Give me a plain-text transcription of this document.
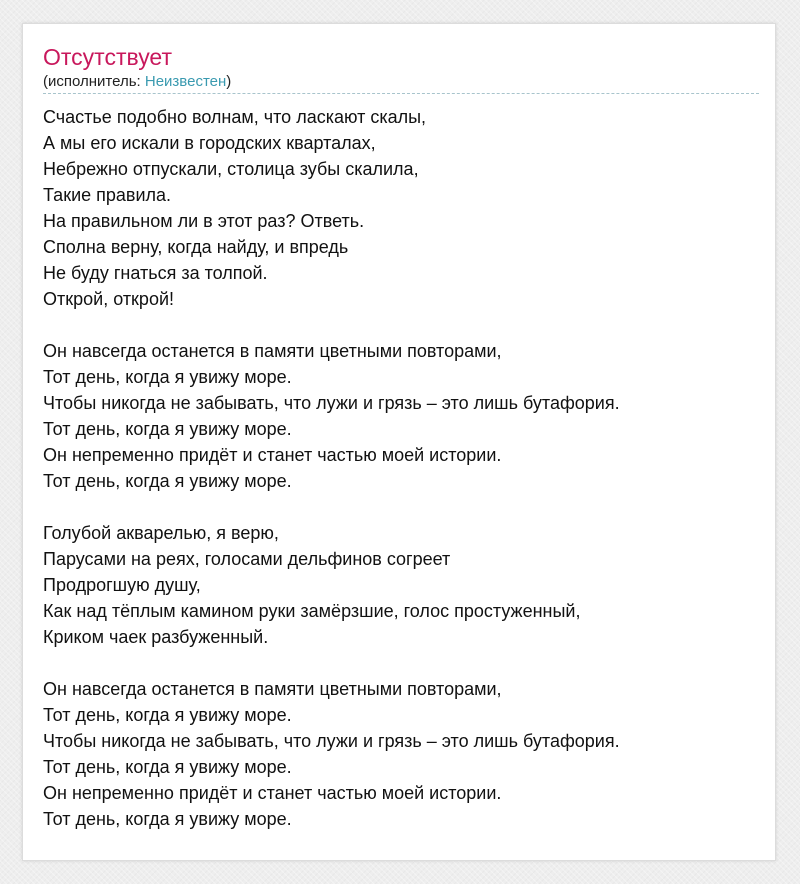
Отсутствует
(исполнитель: Неизвестен)
Счастье подобно волнам, что ласкают скалы,
А мы его искали в городских кварталах,
Небрежно отпускали, столица зубы скалила,
Такие правила.
На правильном ли в этот раз? Ответь.
Сполна верну, когда найду, и впредь
Не буду гнаться за толпой.
Открой, открой!
Он навсегда останется в памяти цветными повторами,
Тот день, когда я увижу море.
Чтобы никогда не забывать, что лужи и грязь – это лишь бутафория.
Тот день, когда я увижу море.
Он непременно придёт и станет частью моей истории.
Тот день, когда я увижу море.
Голубой акварелью, я верю,
Парусами на реях, голосами дельфинов согреет
Продрогшую душу,
Как над тёплым камином руки замёрзшие, голос простуженный,
Криком чаек разбуженный.
Он навсегда останется в памяти цветными повторами,
Тот день, когда я увижу море.
Чтобы никогда не забывать, что лужи и грязь – это лишь бутафория.
Тот день, когда я увижу море.
Он непременно придёт и станет частью моей истории.
Тот день, когда я увижу море.
